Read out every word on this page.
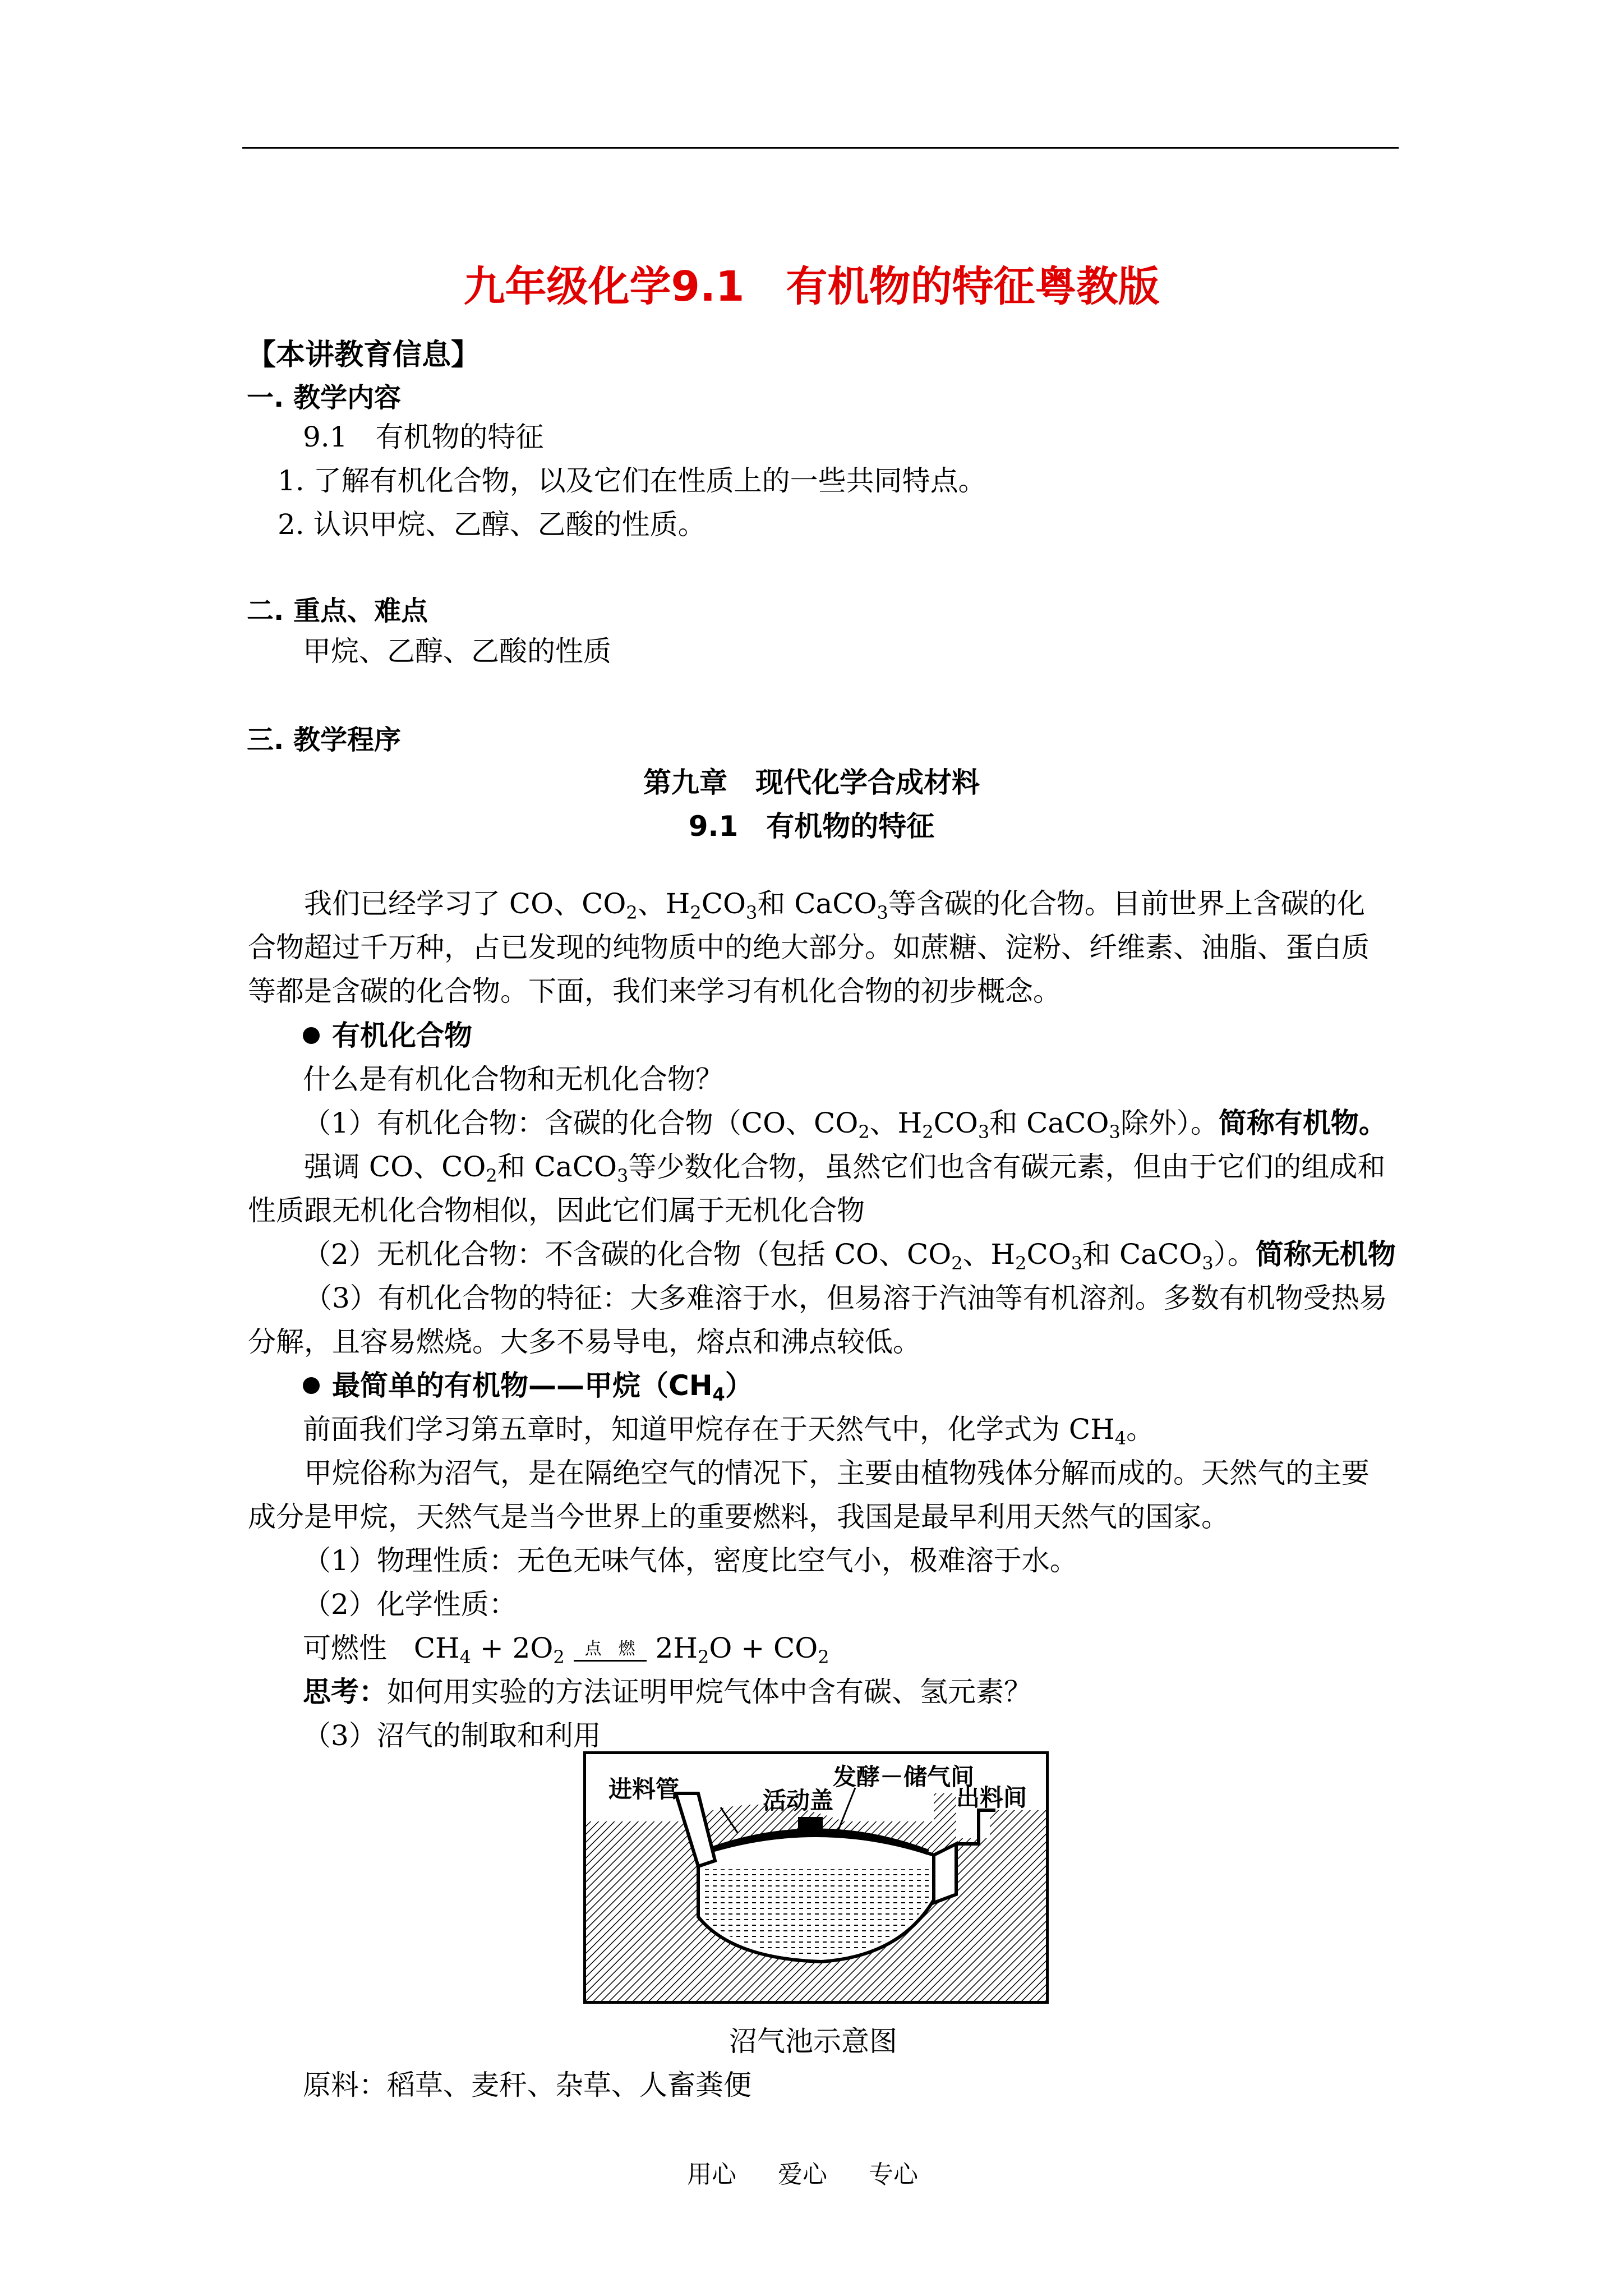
九年级化学9.1　有机物的特征粤教版
【本讲教育信息】
一. 教学内容
9.1　有机物的特征
1. 了解有机化合物，以及它们在性质上的一些共同特点。
2. 认识甲烷、乙醇、乙酸的性质。
二. 重点、难点
甲烷、乙醇、乙酸的性质
三. 教学程序
第九章　现代化学合成材料
9.1　有机物的特征
我们已经学习了 CO、$CO_2$、$H_2CO_3$和 CaCO$_3$等含碳的化合物。目前世界上含碳的化合物超过千万种，占已发现的纯物质中的绝大部分。如蔗糖、淀粉、纤维素、油脂、蛋白质等都是含碳的化合物。下面，我们来学习有机化合物的初步概念。
有机化合物
什么是有机化合物和无机化合物？
（1）有机化合物：含碳的化合物（CO、$CO_2$、$H_2CO_3$和 CaCO$_3$除外）。简称有机物。
强调 CO、$CO_2$和 CaCO$_3$等少数化合物，虽然它们也含有碳元素，但由于它们的组成和性质跟无机化合物相似，因此它们属于无机化合物
（2）无机化合物：不含碳的化合物（包括 CO、$CO_2$、$H_2CO_3$和 CaCO$_3$）。简称无机物
（3）有机化合物的特征：大多难溶于水，但易溶于汽油等有机溶剂。多数有机物受热易分解，且容易燃烧。大多不易导电，熔点和沸点较低。
最简单的有机物——甲烷$(CH_4)$
前面我们学习第五章时，知道甲烷存在于天然气中，化学式为 $CH_4$。
甲烷俗称为沼气，是在隔绝空气的情况下，主要由植物残体分解而成的。天然气的主要成分是甲烷，天然气是当今世界上的重要燃料，我国是最早利用天然气的国家。
（1）物理性质：无色无味气体，密度比空气小，极难溶于水。
（2）化学性质：
可燃性 $CH_4 + 2O_2$	点　燃 $2H_2O + CO_2$
思考：如何用实验的方法证明甲烷气体中含有碳、氢元素？
（3）沼气的制取和利用
进料管	活动盖
发酵－储气间
出料间
沼气池示意图
原料：稻草、麦秆、杂草、人畜粪便
用心 爱心 专心
